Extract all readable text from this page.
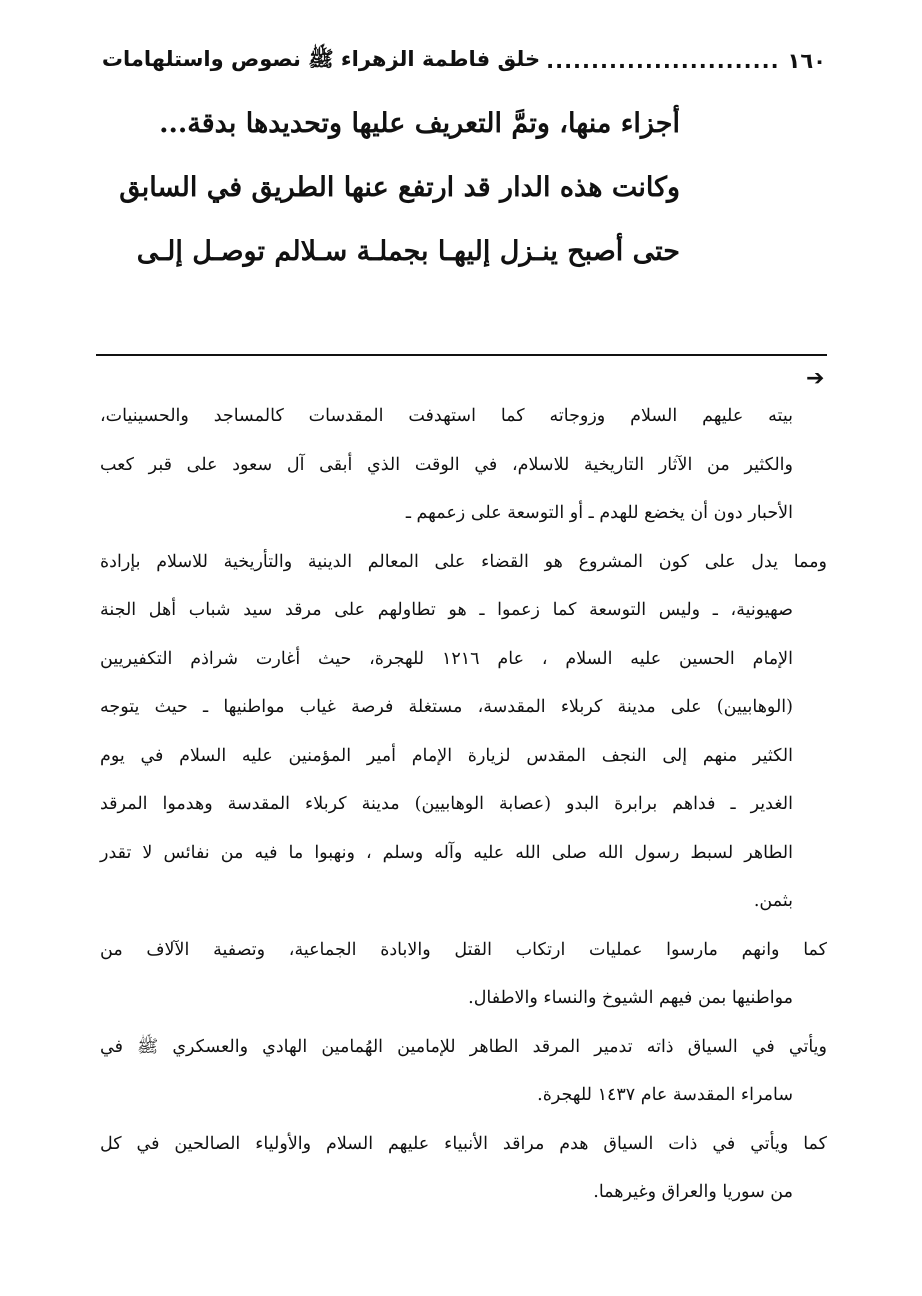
١٦٠
..........................
خلق فاطمة الزهراء ﷺ نصوص واستلهامات
أجزاء منها، وتمَّ التعريف عليها وتحديدها بدقة...
وكانت هذه الدار قد ارتفع عنها الطريق في السابق
حتى أصبح ينـزل إليهـا بجملـة سـلالم توصـل إلـى
➔
بيته عليهم السلام وزوجاته كما استهدفت المقدسات كالمساجد والحسينيات،
والكثير من الآثار التاريخية للاسلام، في الوقت الذي أبقى آل سعود على قبر كعب
الأحبار دون أن يخضع للهدم ـ أو التوسعة على زعمهم ـ
ومما يدل على كون المشروع هو القضاء على المعالم الدينية والتأريخية للاسلام بإرادة
صهيونية، ـ وليس التوسعة كما زعموا ـ هو تطاولهم على مرقد سيد شباب أهل الجنة
الإمام الحسين عليه السلام ، عام ١٢١٦ للهجرة، حيث أغارت شراذم التكفيريين
(الوهابيين) على مدينة كربلاء المقدسة، مستغلة فرصة غياب مواطنيها ـ حيث يتوجه
الكثير منهم إلى النجف المقدس لزيارة الإمام أمير المؤمنين عليه السلام في يوم
الغدير ـ فداهم برابرة البدو (عصابة الوهابيين) مدينة كربلاء المقدسة وهدموا المرقد
الطاهر لسبط رسول الله صلى الله عليه وآله وسلم ، ونهبوا ما فيه من نفائس لا تقدر
بثمن.
كما وانهم مارسوا عمليات ارتكاب القتل والابادة الجماعية، وتصفية الآلاف من
مواطنيها بمن فيهم الشيوخ والنساء والاطفال.
ويأتي في السياق ذاته تدمير المرقد الطاهر للإمامين الهُمامين الهادي والعسكري ﷺ في
سامراء المقدسة عام ١٤٣٧ للهجرة.
كما ويأتي في ذات السياق هدم مراقد الأنبياء عليهم السلام والأولياء الصالحين في كل
من سوريا والعراق وغيرهما.
